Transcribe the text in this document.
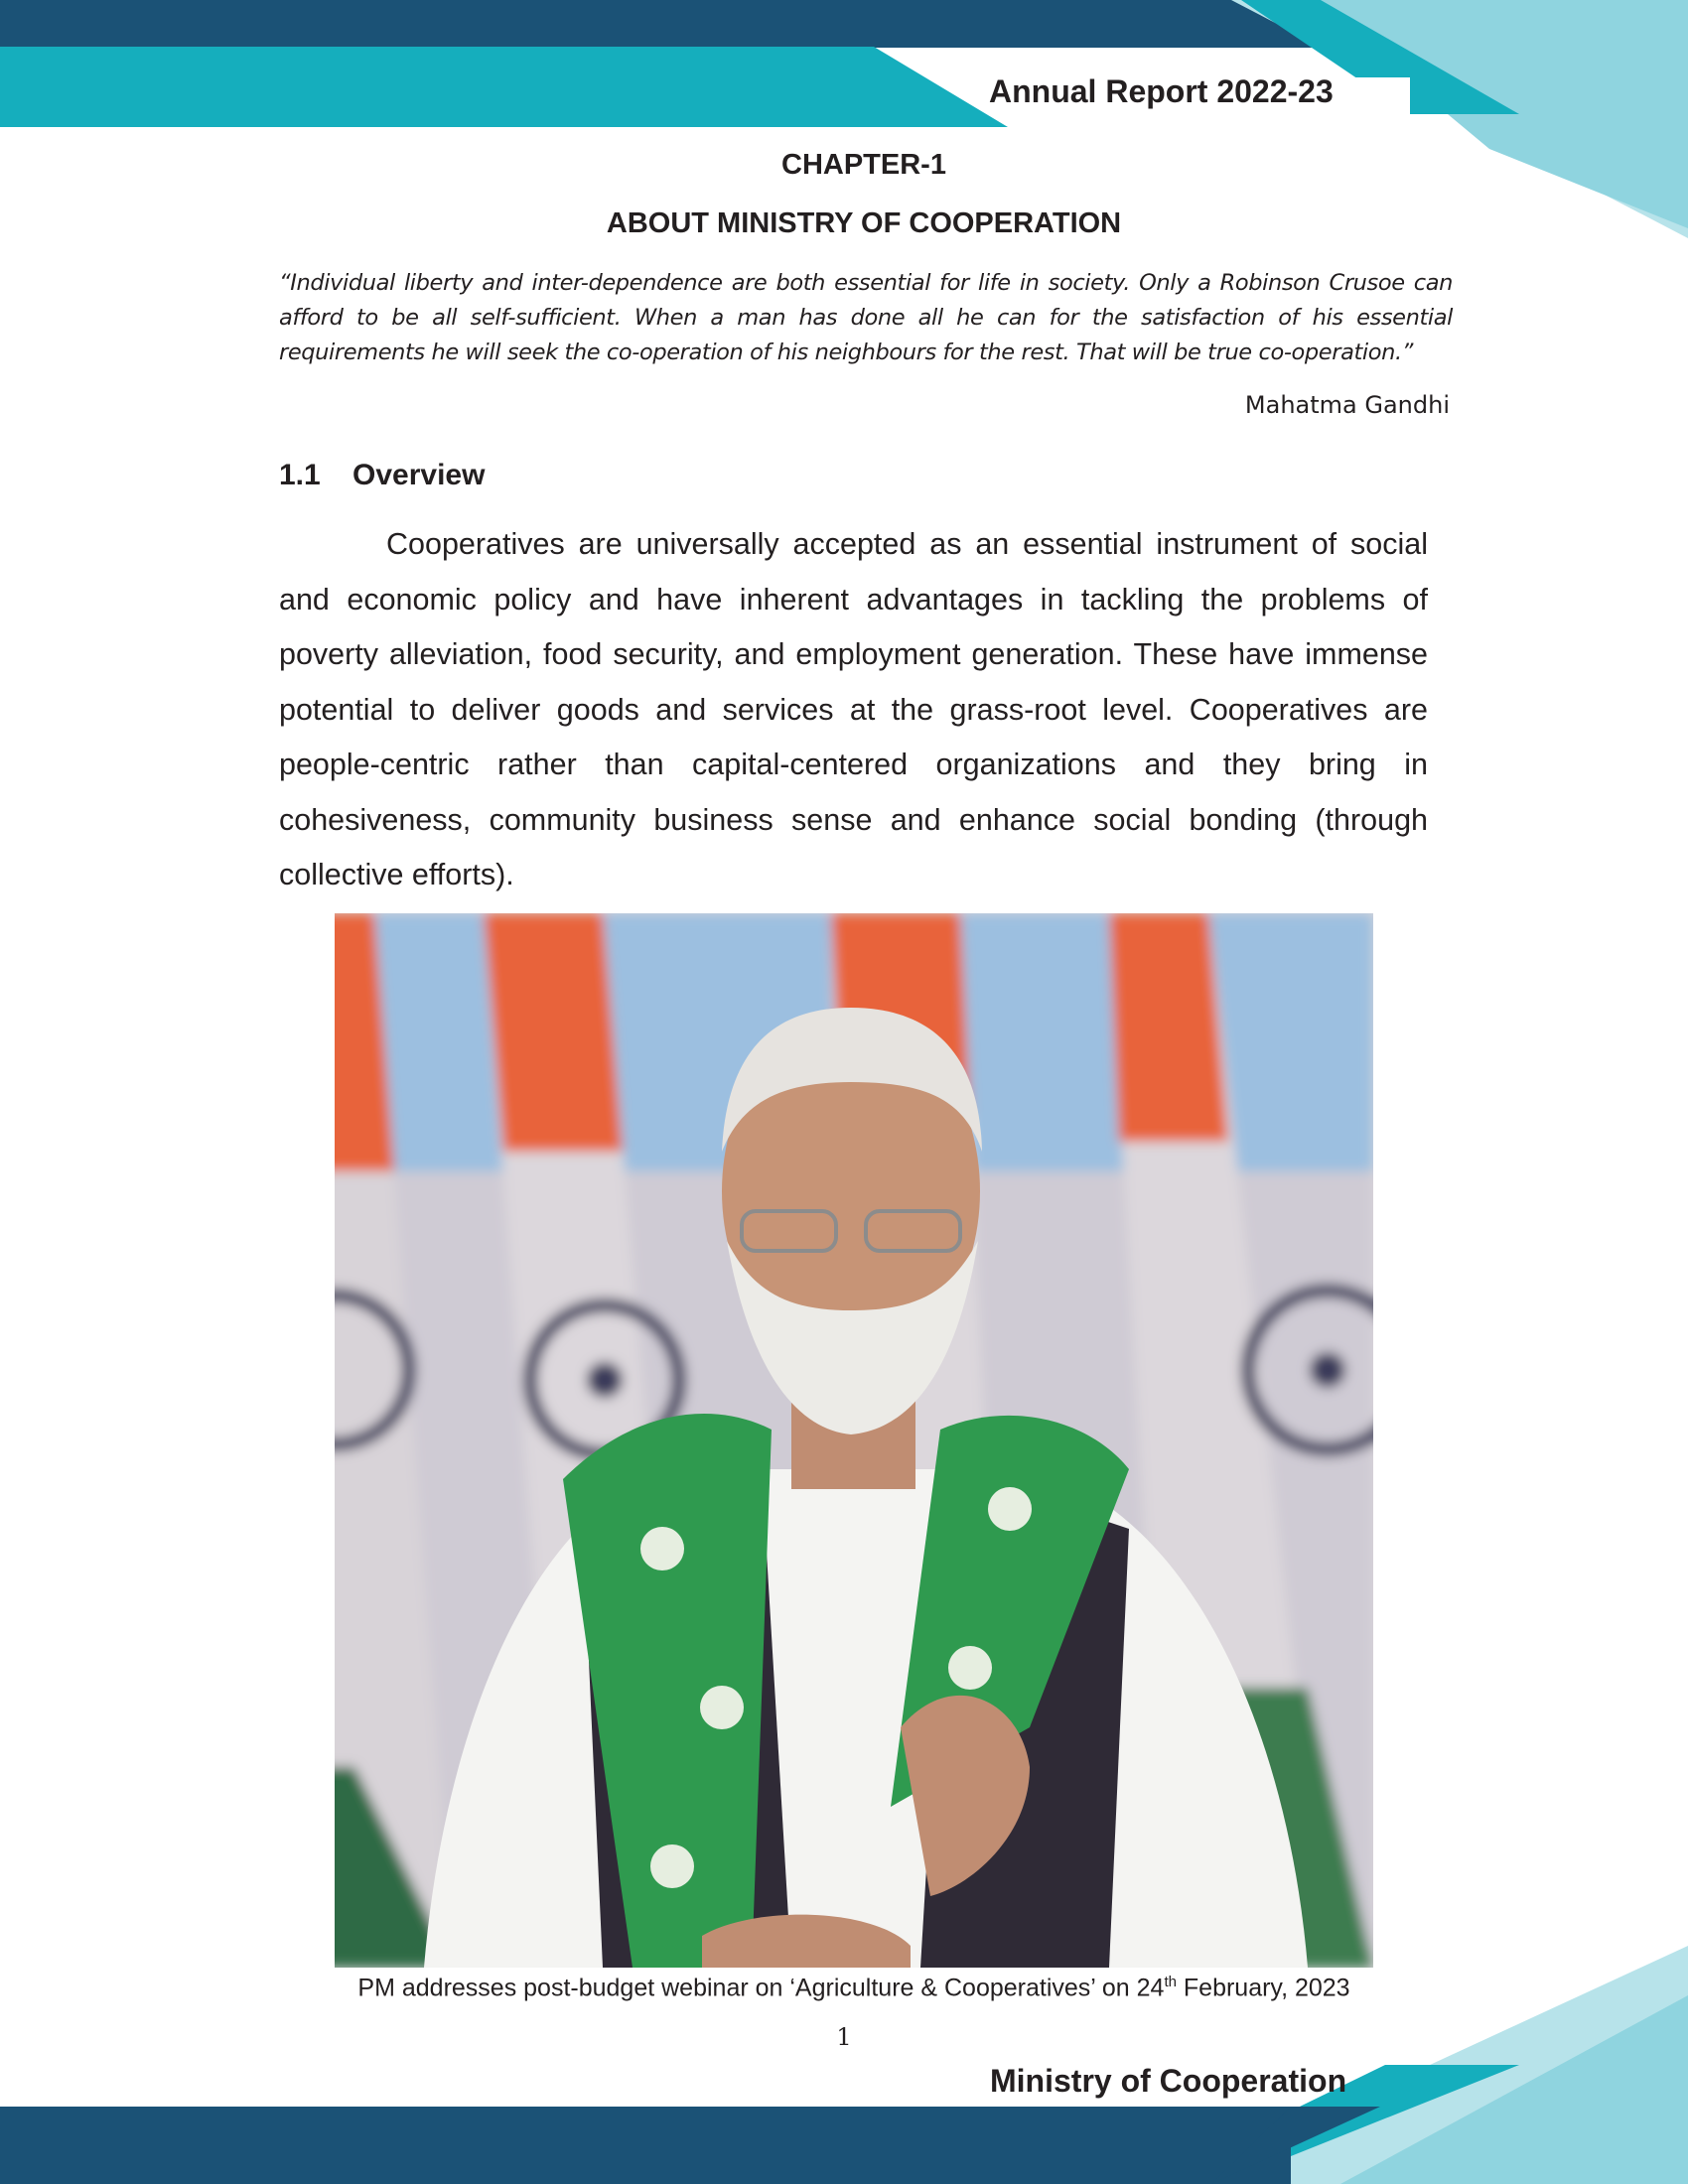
Annual Report 2022-23
CHAPTER-1
ABOUT MINISTRY OF COOPERATION
“Individual liberty and inter-dependence are both essential for life in society. Only a Robinson Crusoe can afford to be all self-sufficient. When a man has done all he can for the satisfaction of his essential requirements he will seek the co-operation of his neighbours for the rest. That will be true co-operation.”
Mahatma Gandhi
1.1 Overview

Cooperatives are universally accepted as an essential instrument of social and economic policy and have inherent advantages in tackling the problems of poverty alleviation, food security, and employment generation. These have immense potential to deliver goods and services at the grass-root level. Cooperatives are people-centric rather than capital-centered organizations and they bring in cohesiveness, community business sense and enhance social bonding (through collective efforts).

PM addresses post-budget webinar on ‘Agriculture & Cooperatives’ on 24th February, 2023
1
Ministry of Cooperation
